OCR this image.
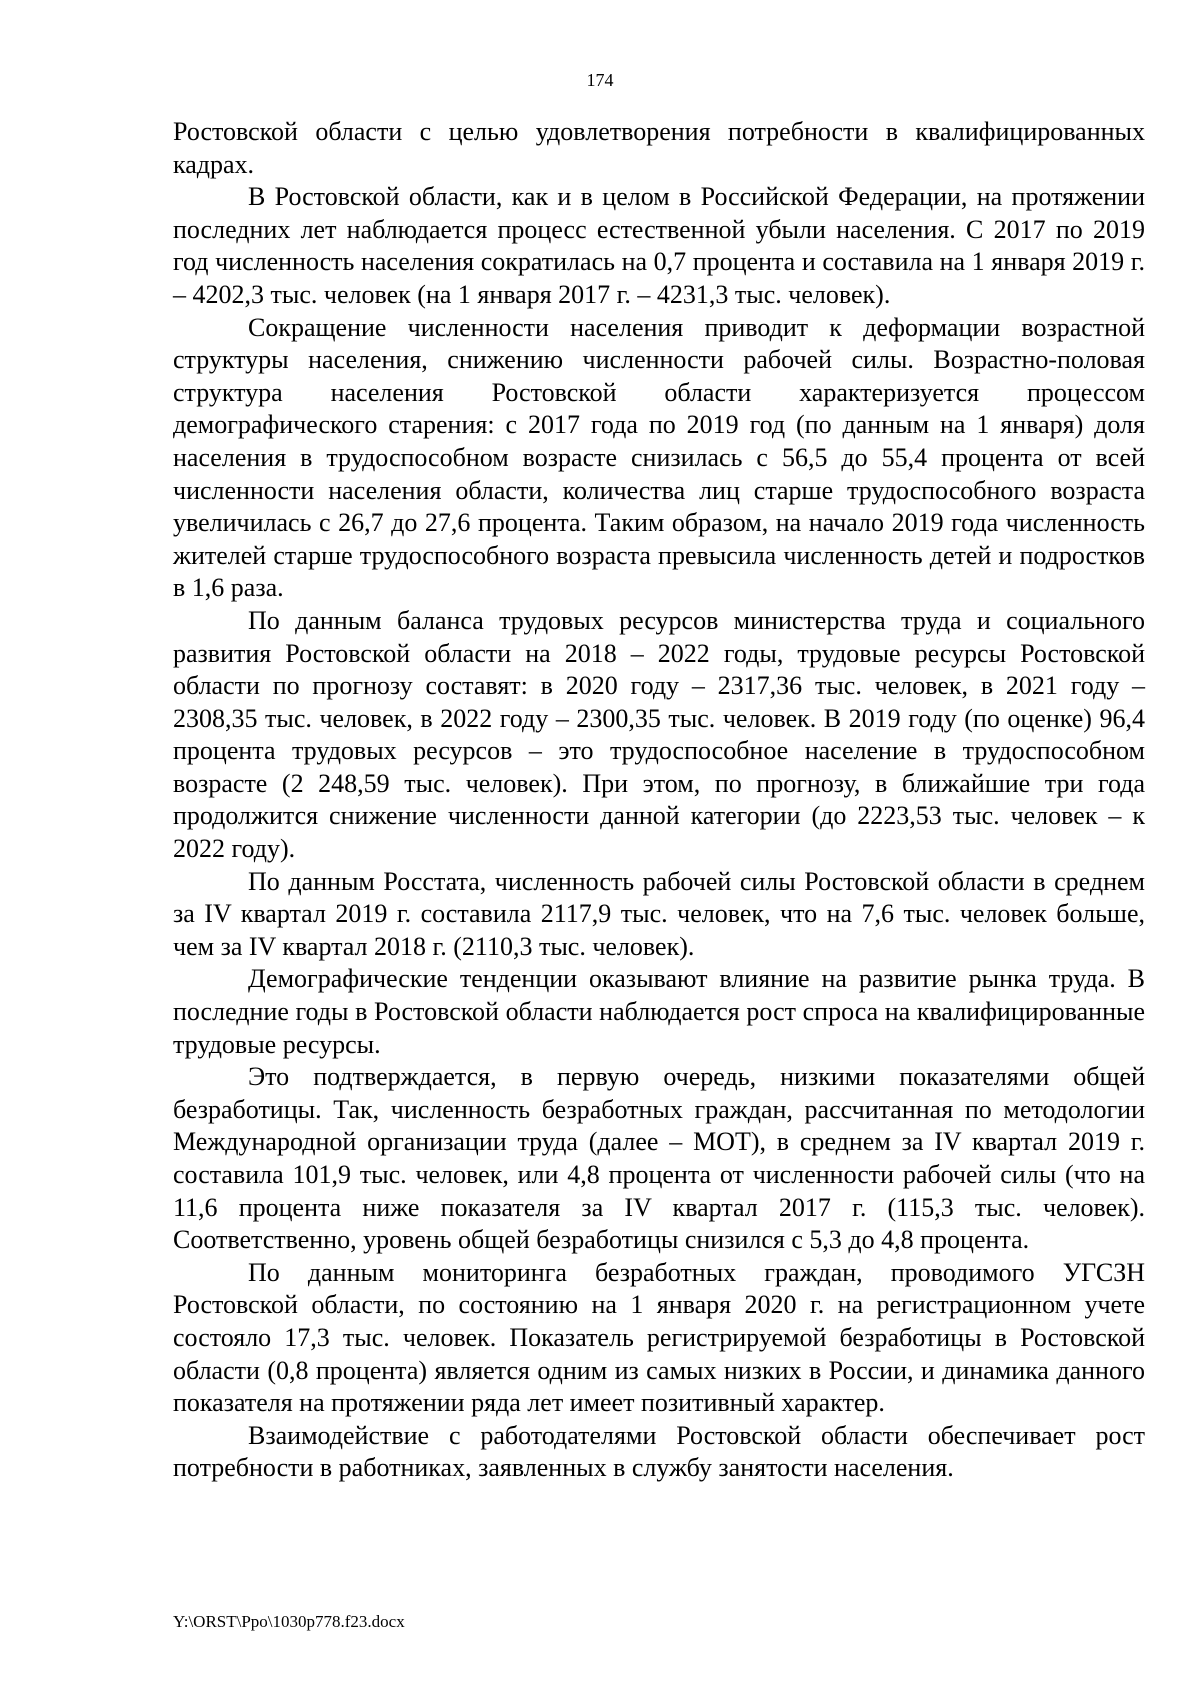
174

Ростовской области с целью удовлетворения потребности в квалифицированных кадрах.

В Ростовской области, как и в целом в Российской Федерации, на протяжении последних лет наблюдается процесс естественной убыли населения. С 2017 по 2019 год численность населения сократилась на 0,7 процента и составила на 1 января 2019 г. – 4202,3 тыс. человек (на 1 января 2017 г. – 4231,3 тыс. человек).

Сокращение численности населения приводит к деформации возрастной структуры населения, снижению численности рабочей силы. Возрастно-половая структура населения Ростовской области характеризуется процессом демографического старения: с 2017 года по 2019 год (по данным на 1 января) доля населения в трудоспособном возрасте снизилась с 56,5 до 55,4 процента от всей численности населения области, количества лиц старше трудоспособного возраста увеличилась с 26,7 до 27,6 процента. Таким образом, на начало 2019 года численность жителей старше трудоспособного возраста превысила численность детей и подростков в 1,6 раза.

По данным баланса трудовых ресурсов министерства труда и социального развития Ростовской области на 2018 – 2022 годы, трудовые ресурсы Ростовской области по прогнозу составят: в 2020 году – 2317,36 тыс. человек, в 2021 году – 2308,35 тыс. человек, в 2022 году – 2300,35 тыс. человек. В 2019 году (по оценке) 96,4 процента трудовых ресурсов – это трудоспособное население в трудоспособном возрасте (2 248,59 тыс. человек). При этом, по прогнозу, в ближайшие три года продолжится снижение численности данной категории (до 2223,53 тыс. человек – к 2022 году).

По данным Росстата, численность рабочей силы Ростовской области в среднем за IV квартал 2019 г. составила 2117,9 тыс. человек, что на 7,6 тыс. человек больше, чем за IV квартал 2018 г. (2110,3 тыс. человек).

Демографические тенденции оказывают влияние на развитие рынка труда. В последние годы в Ростовской области наблюдается рост спроса на квалифицированные трудовые ресурсы.

Это подтверждается, в первую очередь, низкими показателями общей безработицы. Так, численность безработных граждан, рассчитанная по методологии Международной организации труда (далее – МОТ), в среднем за IV квартал 2019 г. составила 101,9 тыс. человек, или 4,8 процента от численности рабочей силы (что на 11,6 процента ниже показателя за IV квартал 2017 г. (115,3 тыс. человек). Соответственно, уровень общей безработицы снизился с 5,3 до 4,8 процента.

По данным мониторинга безработных граждан, проводимого УГСЗН Ростовской области, по состоянию на 1 января 2020 г. на регистрационном учете состояло 17,3 тыс. человек. Показатель регистрируемой безработицы в Ростовской области (0,8 процента) является одним из самых низких в России, и динамика данного показателя на протяжении ряда лет имеет позитивный характер.

Взаимодействие с работодателями Ростовской области обеспечивает рост потребности в работниках, заявленных в службу занятости населения.

Y:\ORST\Ppo\1030p778.f23.docx
